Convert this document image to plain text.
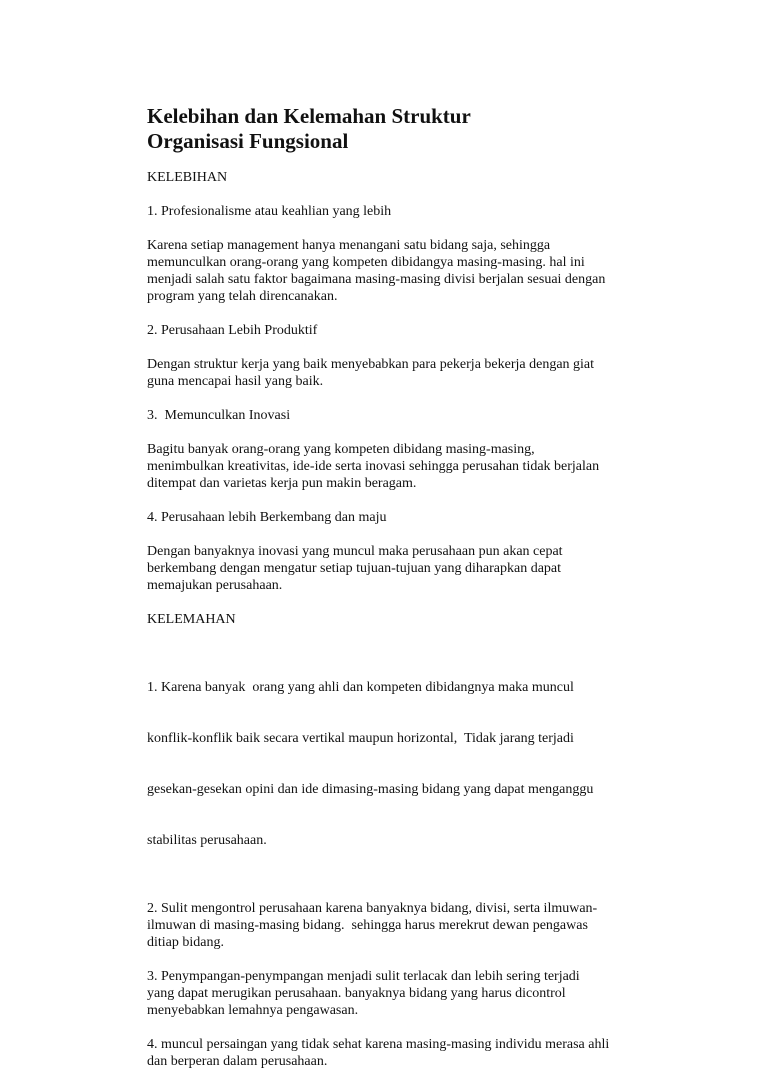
Kelebihan dan Kelemahan Struktur
Organisasi Fungsional
KELEBIHAN
1. Profesionalisme atau keahlian yang lebih
Karena setiap management hanya menangani satu bidang saja, sehingga
memunculkan orang-orang yang kompeten dibidangya masing-masing. hal ini
menjadi salah satu faktor bagaimana masing-masing divisi berjalan sesuai dengan
program yang telah direncanakan.
2. Perusahaan Lebih Produktif
Dengan struktur kerja yang baik menyebabkan para pekerja bekerja dengan giat
guna mencapai hasil yang baik.
3.  Memunculkan Inovasi
Bagitu banyak orang-orang yang kompeten dibidang masing-masing,
menimbulkan kreativitas, ide-ide serta inovasi sehingga perusahan tidak berjalan
ditempat dan varietas kerja pun makin beragam.
4. Perusahaan lebih Berkembang dan maju
Dengan banyaknya inovasi yang muncul maka perusahaan pun akan cepat
berkembang dengan mengatur setiap tujuan-tujuan yang diharapkan dapat
memajukan perusahaan.
KELEMAHAN

1. Karena banyak  orang yang ahli dan kompeten dibidangnya maka muncul

konflik-konflik baik secara vertikal maupun horizontal,  Tidak jarang terjadi

gesekan-gesekan opini dan ide dimasing-masing bidang yang dapat menganggu

stabilitas perusahaan.

2. Sulit mengontrol perusahaan karena banyaknya bidang, divisi, serta ilmuwan-
ilmuwan di masing-masing bidang.  sehingga harus merekrut dewan pengawas
ditiap bidang.
3. Penympangan-penympangan menjadi sulit terlacak dan lebih sering terjadi
yang dapat merugikan perusahaan. banyaknya bidang yang harus dicontrol
menyebabkan lemahnya pengawasan.
4. muncul persaingan yang tidak sehat karena masing-masing individu merasa ahli
dan berperan dalam perusahaan.
